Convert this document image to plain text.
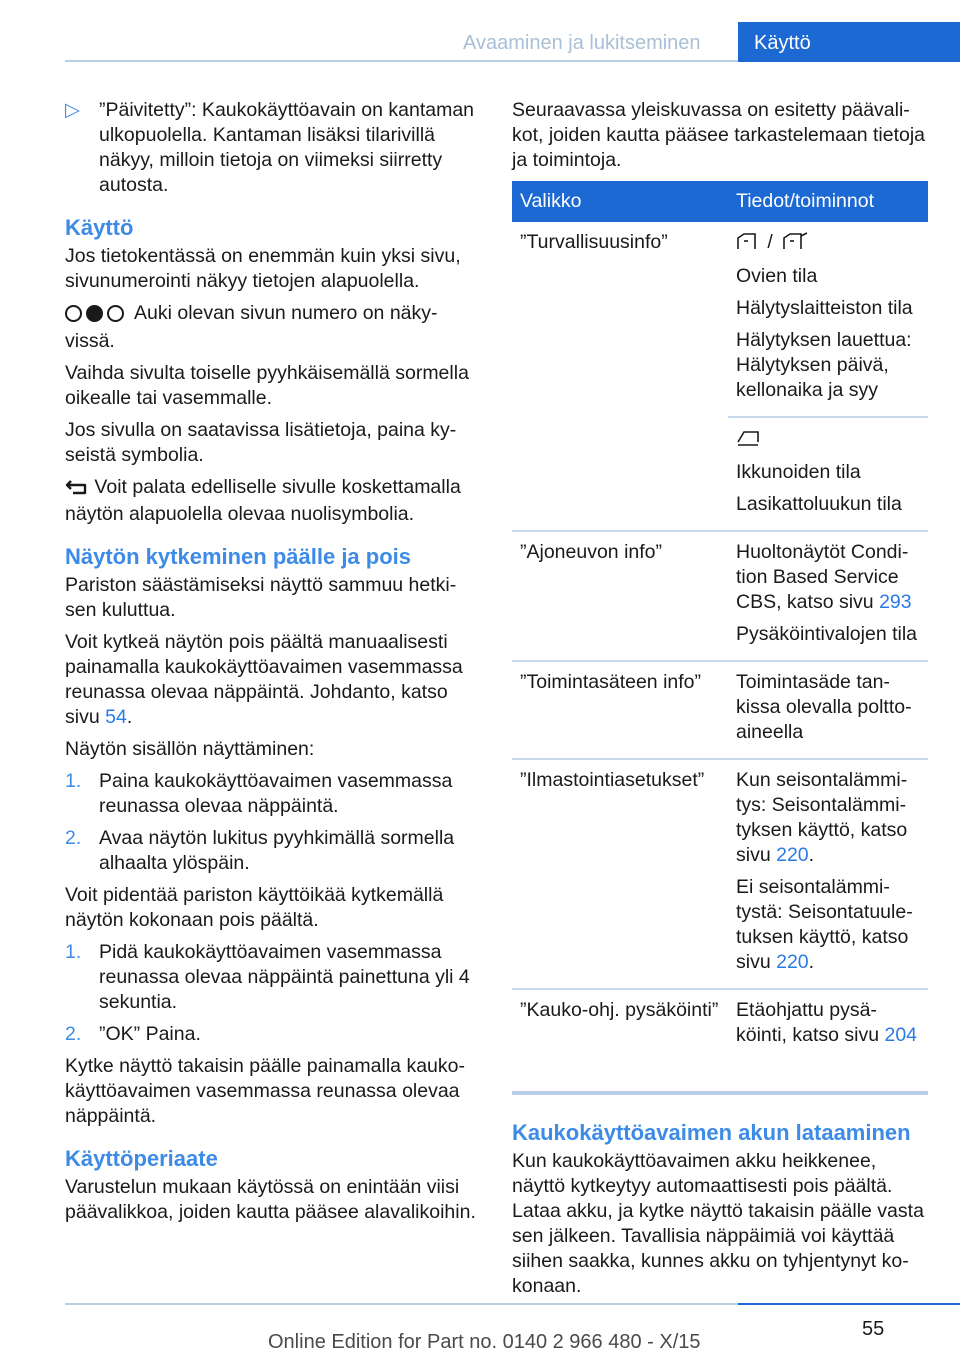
Avaaminen ja lukitseminen	Käyttö
▷ ”Päivitetty”: Kaukokäyttöavain on kantaman ulkopuolella. Kantaman lisäksi tilarivillä näkyy, milloin tietoja on viimeksi siirretty autosta.
Käyttö

Jos tietokentässä on enemmän kuin yksi sivu, sivunumerointi näkyy tietojen alapuolella.

Auki olevan sivun numero on näkyvissä.

Vaihda sivulta toiselle pyyhkäisemällä sormella oikealle tai vasemmalle.

Jos sivulla on saatavissa lisätietoja, paina kyseistä symbolia.

Voit palata edelliselle sivulle koskettamalla näytön alapuolella olevaa nuolisymbolia.

Näytön kytkeminen päälle ja pois

Pariston säästämiseksi näyttö sammuu hetkisen kuluttua.

Voit kytkeä näytön pois päältä manuaalisesti painamalla kaukokäyttöavaimen vasemmassa reunassa olevaa näppäintä. Johdanto, katso sivu 54.

Näytön sisällön näyttäminen:

1. Paina kaukokäyttöavaimen vasemmassa reunassa olevaa näppäintä.
2. Avaa näytön lukitus pyyhkimällä sormella alhaalta ylöspäin.

Voit pidentää pariston käyttöikää kytkemällä näytön kokonaan pois päältä.

1. Pidä kaukokäyttöavaimen vasemmassa reunassa olevaa näppäintä painettuna yli 4 sekuntia.
2. ”OK” Paina.

Kytke näyttö takaisin päälle painamalla kaukokäyttöavaimen vasemmassa reunassa olevaa näppäintä.

Käyttöperiaate

Varustelun mukaan käytössä on enintään viisi päävalikkoa, joiden kautta pääsee alavalikoihin.

Seuraavassa yleiskuvassa on esitetty päävalikot, joiden kautta pääsee tarkastelemaan tietoja ja toimintoja.

Valikko	Tiedot/toiminnot
”Turvallisuusinfo”	/

Ovien tila

Hälytyslaitteiston tila

Hälytyksen lauettua: Hälytyksen päivä, kellonaika ja syy

	Ikkunoiden tila

Lasikattoluukun tila

”Ajoneuvon info”	Huoltonäytöt Condition Based Service CBS, katso sivu 293

Pysäköintivalojen tila

”Toimintasäteen info”	Toimintasäde tankissa olevalla polttoaineella

”Ilmastointiasetukset”	Kun seisontalämmitys: Seisontalämmityksen käyttö, katso sivu 220.

Ei seisontalämmitystä: Seisontatuuletuksen käyttö, katso sivu 220.

”Kauko-ohj. pysäköinti”	Etäohjattu pysäköinti, katso sivu 204

Kaukokäyttöavaimen akun lataaminen

Kun kaukokäyttöavaimen akku heikkenee, näyttö kytkeytyy automaattisesti pois päältä. Lataa akku, ja kytke näyttö takaisin päälle vasta sen jälkeen. Tavallisia näppäimiä voi käyttää siihen saakka, kunnes akku on tyhjentynyt kokonaan.

55
Online Edition for Part no. 0140 2 966 480 - X/15
